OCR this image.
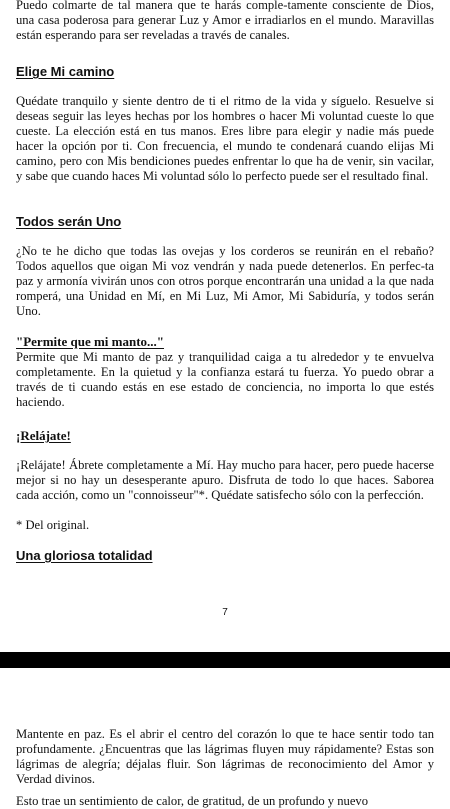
Puedo colmarte de tal manera que te harás comple-tamente consciente de Dios, una casa poderosa para generar Luz y Amor e irradiarlos en el mundo. Maravillas están esperando para ser reveladas a través de canales.

Elige Mi camino

Quédate tranquilo y siente dentro de ti el ritmo de la vida y síguelo. Resuelve si deseas seguir las leyes hechas por los hombres o hacer Mi voluntad cueste lo que cueste. La elección está en tus manos. Eres libre para elegir y nadie más puede hacer la opción por ti. Con frecuencia, el mundo te condenará cuando elijas Mi camino, pero con Mis bendiciones puedes enfrentar lo que ha de venir, sin vacilar, y sabe que cuando haces Mi voluntad sólo lo perfecto puede ser el resultado final.

Todos serán Uno

¿No te he dicho que todas las ovejas y los corderos se reunirán en el rebaño? Todos aquellos que oigan Mi voz vendrán y nada puede detenerlos. En perfec-ta paz y armonía vivirán unos con otros porque encontrarán una unidad a la que nada romperá, una Unidad en Mí, en Mi Luz, Mi Amor, Mi Sabiduría, y todos serán Uno.

"Permite que mi manto..."

Permite que Mi manto de paz y tranquilidad caiga a tu alrededor y te envuelva completamente. En la quietud y la confianza estará tu fuerza. Yo puedo obrar a través de ti cuando estás en ese estado de conciencia, no importa lo que estés haciendo.

¡Relájate!

¡Relájate! Ábrete completamente a Mí. Hay mucho para hacer, pero puede hacerse mejor si no hay un desesperante apuro. Disfruta de todo lo que haces. Saborea cada acción, como un "connoisseur"*. Quédate satisfecho sólo con la perfección.

* Del original.

Una gloriosa totalidad

7

Mantente en paz. Es el abrir el centro del corazón lo que te hace sentir todo tan profundamente. ¿Encuentras que las lágrimas fluyen muy rápidamente? Estas son lágrimas de alegría; déjalas fluir. Son lágrimas de reconocimiento del Amor y Verdad divinos.

Esto trae un sentimiento de calor, de gratitud, de un profundo y nuevo
